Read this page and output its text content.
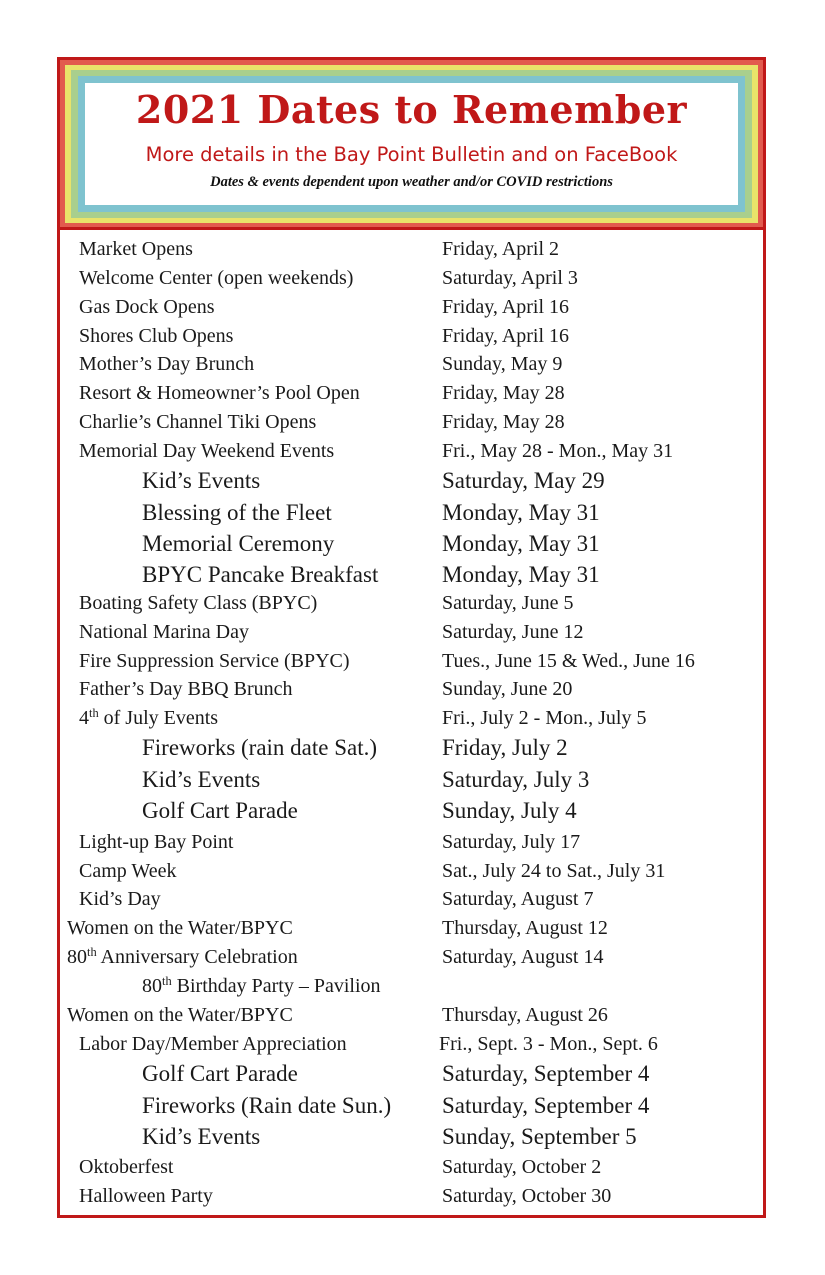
2021 Dates to Remember
More details in the Bay Point Bulletin and on FaceBook
Dates & events dependent upon weather and/or COVID restrictions
Market Opens	Friday, April 2
Welcome Center (open weekends)	Saturday, April 3
Gas Dock Opens	Friday, April 16
Shores Club Opens	Friday, April 16
Mother’s Day Brunch	Sunday, May 9
Resort & Homeowner’s Pool Open	Friday, May 28
Charlie’s Channel Tiki Opens	Friday, May 28
Memorial Day Weekend Events	Fri., May 28 - Mon., May 31
Kid’s Events	Saturday, May 29
Blessing of the Fleet	Monday, May 31
Memorial Ceremony	Monday, May 31
BPYC Pancake Breakfast	Monday, May 31
Boating Safety Class (BPYC)	Saturday, June 5
National Marina Day	Saturday, June 12
Fire Suppression Service (BPYC)	Tues., June 15 & Wed., June 16
Father’s Day BBQ Brunch	Sunday, June 20
4th of July Events	Fri., July 2 - Mon., July 5
Fireworks (rain date Sat.)	Friday, July 2
Kid’s Events	Saturday, July 3
Golf Cart Parade	Sunday, July 4
Light-up Bay Point	Saturday, July 17
Camp Week	Sat., July 24 to Sat., July 31
Kid’s Day	Saturday, August 7
Women on the Water/BPYC	Thursday, August 12
80th Anniversary Celebration	Saturday, August 14
80th Birthday Party – Pavilion
Women on the Water/BPYC	Thursday, August 26
Labor Day/Member Appreciation	Fri., Sept. 3 - Mon., Sept. 6
Golf Cart Parade	Saturday, September 4
Fireworks (Rain date Sun.) Saturday, September 4
Kid’s Events	Sunday, September 5
Oktoberfest	Saturday, October 2
Halloween Party	Saturday, October 30
